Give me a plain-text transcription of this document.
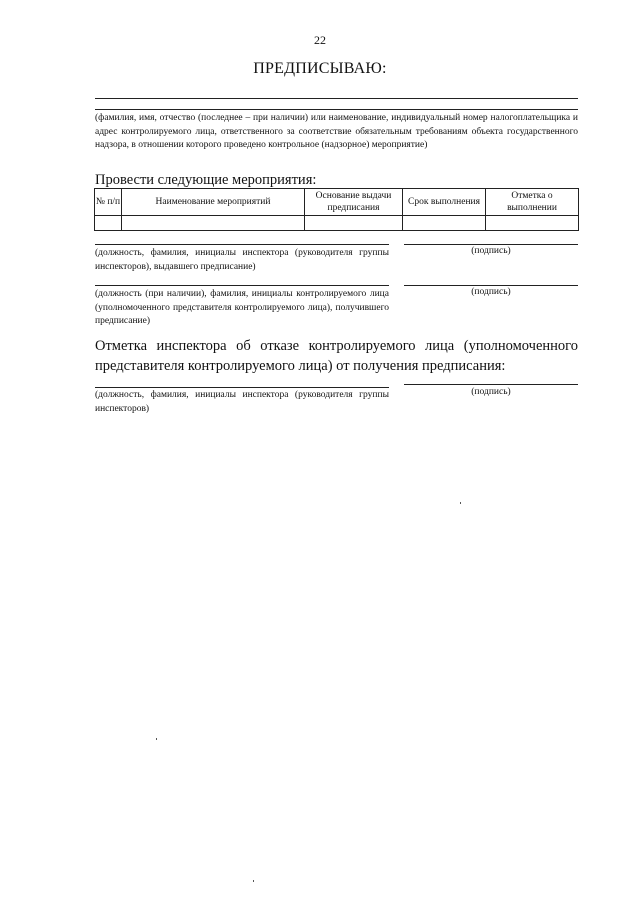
22
ПРЕДПИСЫВАЮ:
(фамилия, имя, отчество (последнее – при наличии) или наименование, индивидуальный номер налогоплательщика и адрес контролируемого лица, ответственного за соответствие обязательным требованиям объекта государственного надзора, в отношении которого проведено контрольное (надзорное) мероприятие)
Провести следующие мероприятия:
№ п/п	Наименование мероприятий	Основание выдачи предписания	Срок выполнения	Отметка о выполнении

(должность, фамилия, инициалы инспектора (руководителя группы инспекторов), выдавшего предписание)
(подпись)
(должность (при наличии), фамилия, инициалы контролируемого лица (уполномоченного представителя контролируемого лица), получившего предписание)
(подпись)
Отметка инспектора об отказе контролируемого лица (уполномоченного представителя контролируемого лица) от получения предписания:
(должность, фамилия, инициалы инспектора (руководителя группы инспекторов)
(подпись)
